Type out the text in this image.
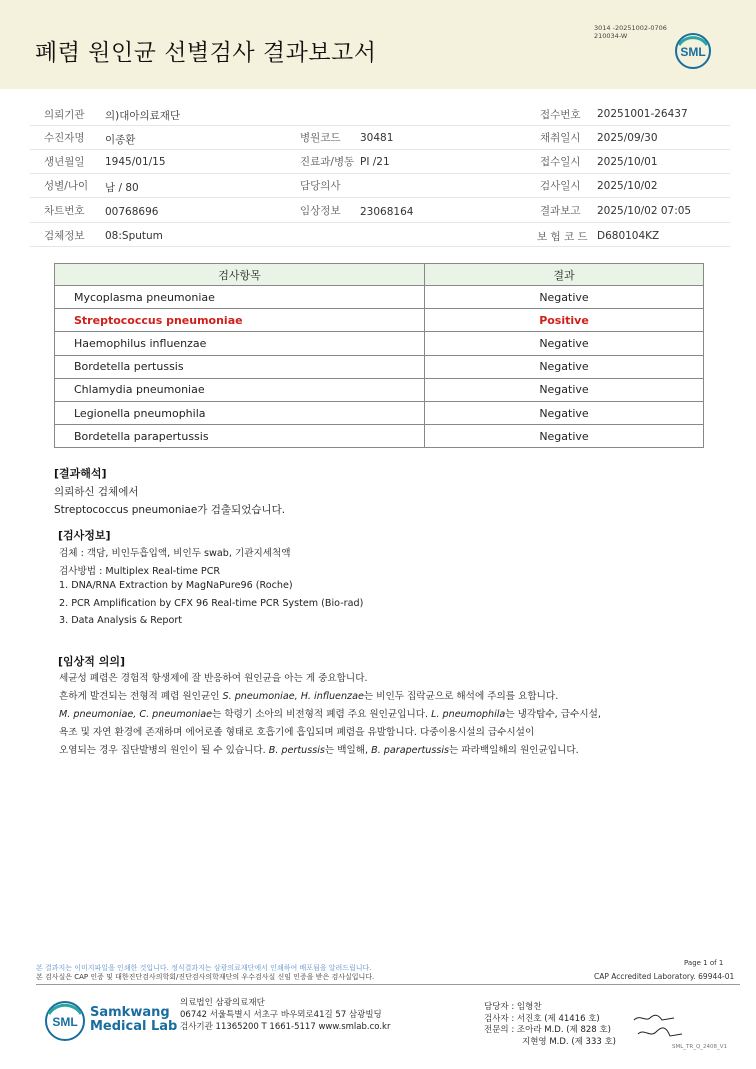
폐렴 원인균 선별검사 결과보고서
3014 -20251002-0706
210034-W
SML
의뢰기관 의)대아의료재단	접수번호 20251001-26437
수진자명 이종환	병원코드 30481	채취일시 2025/09/30
생년월일 1945/01/15	진료과/병동 PI /21	접수일시 2025/10/01
성별/나이 남 / 80	담당의사	검사일시 2025/10/02
차트번호 00768696	임상정보 23068164	결과보고 2025/10/02 07:05
검체정보 08:Sputum	보 험 코 드 D680104KZ
검사항목	결과
Mycoplasma pneumoniae	Negative
Streptococcus pneumoniae	Positive
Haemophilus influenzae	Negative
Bordetella pertussis	Negative
Chlamydia pneumoniae	Negative
Legionella pneumophila	Negative
Bordetella parapertussis	Negative
[결과해석]
의뢰하신 검체에서
Streptococcus pneumoniae가 검출되었습니다.
[검사정보]
검체 : 객담, 비인두흡입액, 비인두 swab, 기관지세척액
검사방법 : Multiplex Real-time PCR
1. DNA/RNA Extraction by MagNaPure96 (Roche)
2. PCR Amplification by CFX 96 Real-time PCR System (Bio-rad)
3. Data Analysis & Report
[임상적 의의]
세균성 폐렴은 경험적 항생제에 잘 반응하여 원인균을 아는 게 중요합니다.
흔하게 발견되는 전형적 폐렴 원인균인 S. pneumoniae, H. influenzae는 비인두 집락균으로 해석에 주의를 요합니다.
M. pneumoniae, C. pneumoniae는 학령기 소아의 비전형적 폐렴 주요 원인균입니다. L. pneumophila는 냉각탑수, 급수시설,
욕조 및 자연 환경에 존재하며 에어로졸 형태로 호흡기에 흡입되며 폐렴을 유발합니다. 다중이용시설의 급수시설이
오염되는 경우 집단발병의 원인이 될 수 있습니다. B. pertussis는 백일해, B. parapertussis는 파라백일해의 원인균입니다.
Page 1 of 1
본 결과지는 이미지파일을 인쇄한 것입니다. 정식결과지는 삼광의료재단에서 인쇄하여 배포됨을 알려드립니다.
본 검사실은 CAP 인증 및 대한진단검사의학회/진단검사의학재단의 우수검사실 신임 인증을 받은 검사실입니다.	CAP Accredited Laboratory. 69944-01
SML
Samkwang
Medical Lab
의료법인 삼광의료재단
06742 서울특별시 서초구 바우뫼로41길 57 삼광빌딩
검사기관 11365200 T 1661-5117 www.smlab.co.kr
담당자 : 임형찬
검사자 : 서진호 (제 41416 호)
전문의 : 조아라 M.D. (제 828 호)
지현영 M.D. (제 333 호)
SML_TR_Q_2408_V1
